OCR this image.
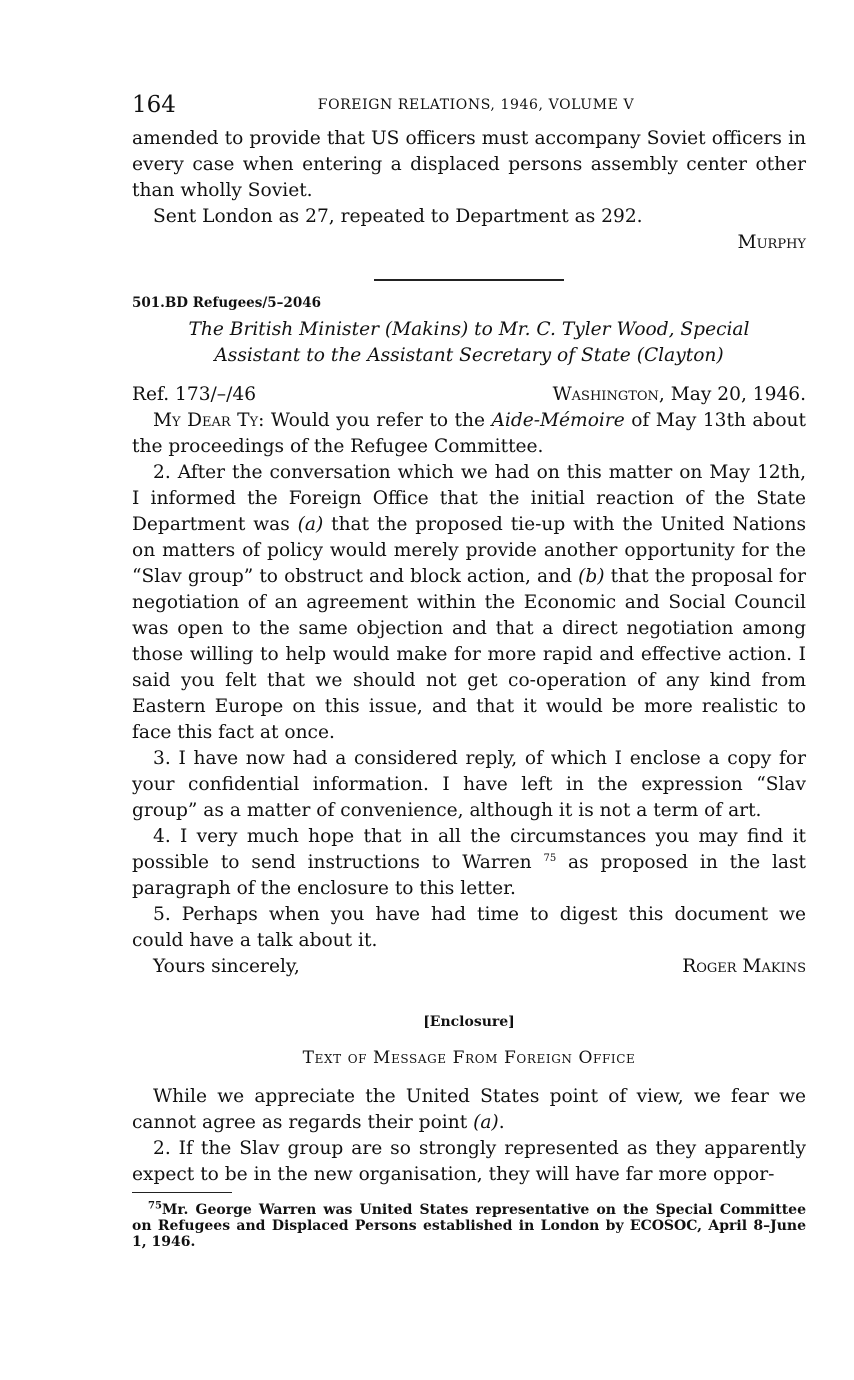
164	FOREIGN RELATIONS, 1946, VOLUME V

amended to provide that US officers must accompany Soviet officers in every case when entering a displaced persons assembly center other than wholly Soviet.

Sent London as 27, repeated to Department as 292.

Murphy

501.BD Refugees/5–2046

The British Minister (Makins) to Mr. C. Tyler Wood, Special

Assistant to the Assistant Secretary of State (Clayton)

Ref. 173/–/46	Washington, May 20, 1946.

My Dear Ty: Would you refer to the Aide-Mémoire of May 13th about the proceedings of the Refugee Committee.

2. After the conversation which we had on this matter on May 12th, I informed the Foreign Office that the initial reaction of the State Department was (a) that the proposed tie-up with the United Nations on matters of policy would merely provide another opportunity for the “Slav group” to obstruct and block action, and (b) that the proposal for negotiation of an agreement within the Economic and Social Council was open to the same objection and that a direct negotiation among those willing to help would make for more rapid and effective action. I said you felt that we should not get co-operation of any kind from Eastern Europe on this issue, and that it would be more realistic to face this fact at once.

3. I have now had a considered reply, of which I enclose a copy for your confidential information. I have left in the expression “Slav group” as a matter of convenience, although it is not a term of art.

4. I very much hope that in all the circumstances you may find it possible to send instructions to Warren $^{75}$ as proposed in the last paragraph of the enclosure to this letter.

5. Perhaps when you have had time to digest this document we could have a talk about it.

Yours sincerely,	Roger Makins
[Enclosure]
Text of Message From Foreign Office

While we appreciate the United States point of view, we fear we cannot agree as regards their point (a).

2. If the Slav group are so strongly represented as they apparently expect to be in the new organisation, they will have far more oppor-

$^{75}$Mr. George Warren was United States representative on the Special Committee on Refugees and Displaced Persons established in London by ECOSOC, April 8–June 1, 1946.
